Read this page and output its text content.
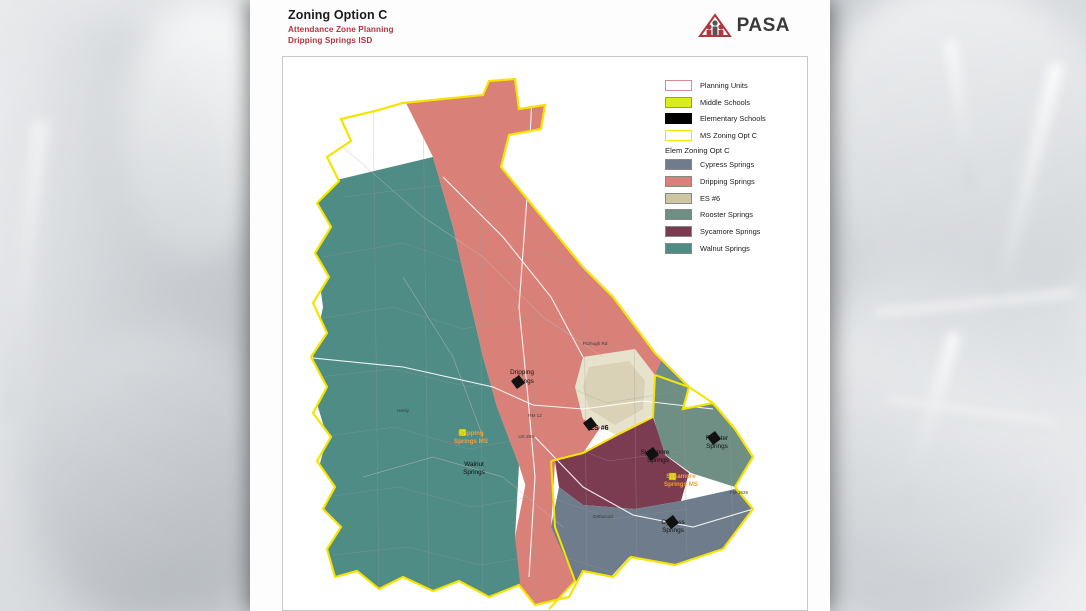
Zoning Option C
Attendance Zone Planning
Dripping Springs ISD
PASA
Dripping
Springs
ES #6
Rooster
Springs
Sycamore
Springs
Walnut
Springs
Cypress
Springs
Dripping
Springs MS
Sycamore
Springs MS
Fitzhugh Rd
US 290
RM 12
Henly
Driftwood
FM 1826
Planning Units
Middle Schools
Elementary Schools
MS Zoning Opt C
Elem Zoning Opt C
Cypress Springs
Dripping Springs
ES #6
Rooster Springs
Sycamore Springs
Walnut Springs
